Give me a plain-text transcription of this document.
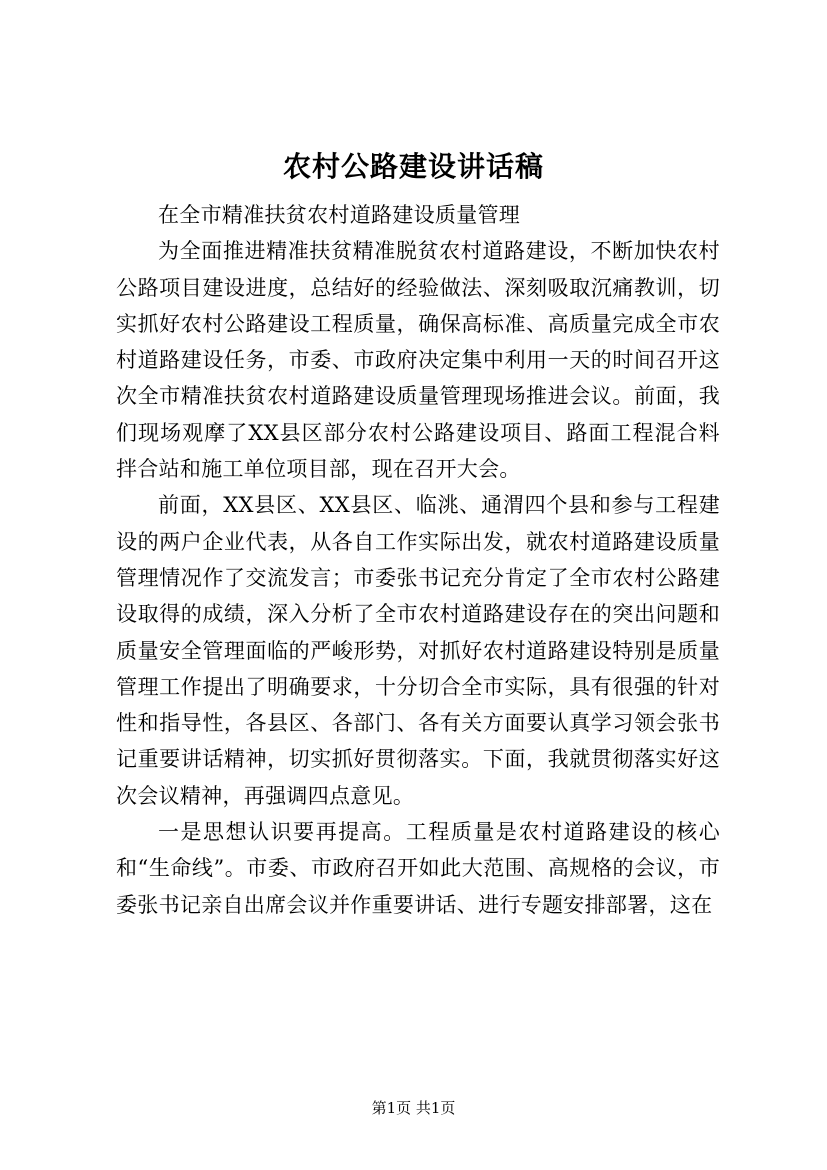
农村公路建设讲话稿

在全市精准扶贫农村道路建设质量管理

为全面推进精准扶贫精准脱贫农村道路建设，不断加快农村公路项目建设进度，总结好的经验做法、深刻吸取沉痛教训，切实抓好农村公路建设工程质量，确保高标准、高质量完成全市农村道路建设任务，市委、市政府决定集中利用一天的时间召开这次全市精准扶贫农村道路建设质量管理现场推进会议。前面，我们现场观摩了XX县区部分农村公路建设项目、路面工程混合料拌合站和施工单位项目部，现在召开大会。

前面，XX县区、XX县区、临洮、通渭四个县和参与工程建设的两户企业代表，从各自工作实际出发，就农村道路建设质量管理情况作了交流发言；市委张书记充分肯定了全市农村公路建设取得的成绩，深入分析了全市农村道路建设存在的突出问题和质量安全管理面临的严峻形势，对抓好农村道路建设特别是质量管理工作提出了明确要求，十分切合全市实际，具有很强的针对性和指导性，各县区、各部门、各有关方面要认真学习领会张书记重要讲话精神，切实抓好贯彻落实。下面，我就贯彻落实好这次会议精神，再强调四点意见。

一是思想认识要再提高。工程质量是农村道路建设的核心和“生命线”。市委、市政府召开如此大范围、高规格的会议，市委张书记亲自出席会议并作重要讲话、进行专题安排部署，这在

第1页 共1页
